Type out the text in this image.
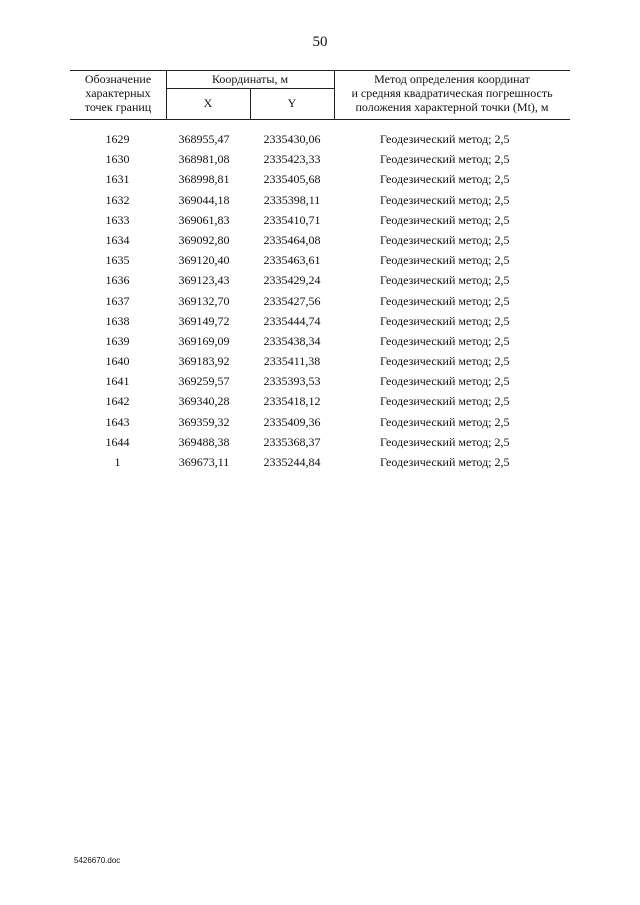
50
Обозначение
характерных
точек границ
Координаты, м
X	Y
Метод определения координат
и средняя квадратическая погрешность
положения характерной точки (Mt), м
1629	368955,47	2335430,06	Геодезический метод; 2,5
1630	368981,08	2335423,33	Геодезический метод; 2,5
1631	368998,81	2335405,68	Геодезический метод; 2,5
1632	369044,18	2335398,11	Геодезический метод; 2,5
1633	369061,83	2335410,71	Геодезический метод; 2,5
1634	369092,80	2335464,08	Геодезический метод; 2,5
1635	369120,40	2335463,61	Геодезический метод; 2,5
1636	369123,43	2335429,24	Геодезический метод; 2,5
1637	369132,70	2335427,56	Геодезический метод; 2,5
1638	369149,72	2335444,74	Геодезический метод; 2,5
1639	369169,09	2335438,34	Геодезический метод; 2,5
1640	369183,92	2335411,38	Геодезический метод; 2,5
1641	369259,57	2335393,53	Геодезический метод; 2,5
1642	369340,28	2335418,12	Геодезический метод; 2,5
1643	369359,32	2335409,36	Геодезический метод; 2,5
1644	369488,38	2335368,37	Геодезический метод; 2,5
1	369673,11	2335244,84	Геодезический метод; 2,5
5426670.doc
